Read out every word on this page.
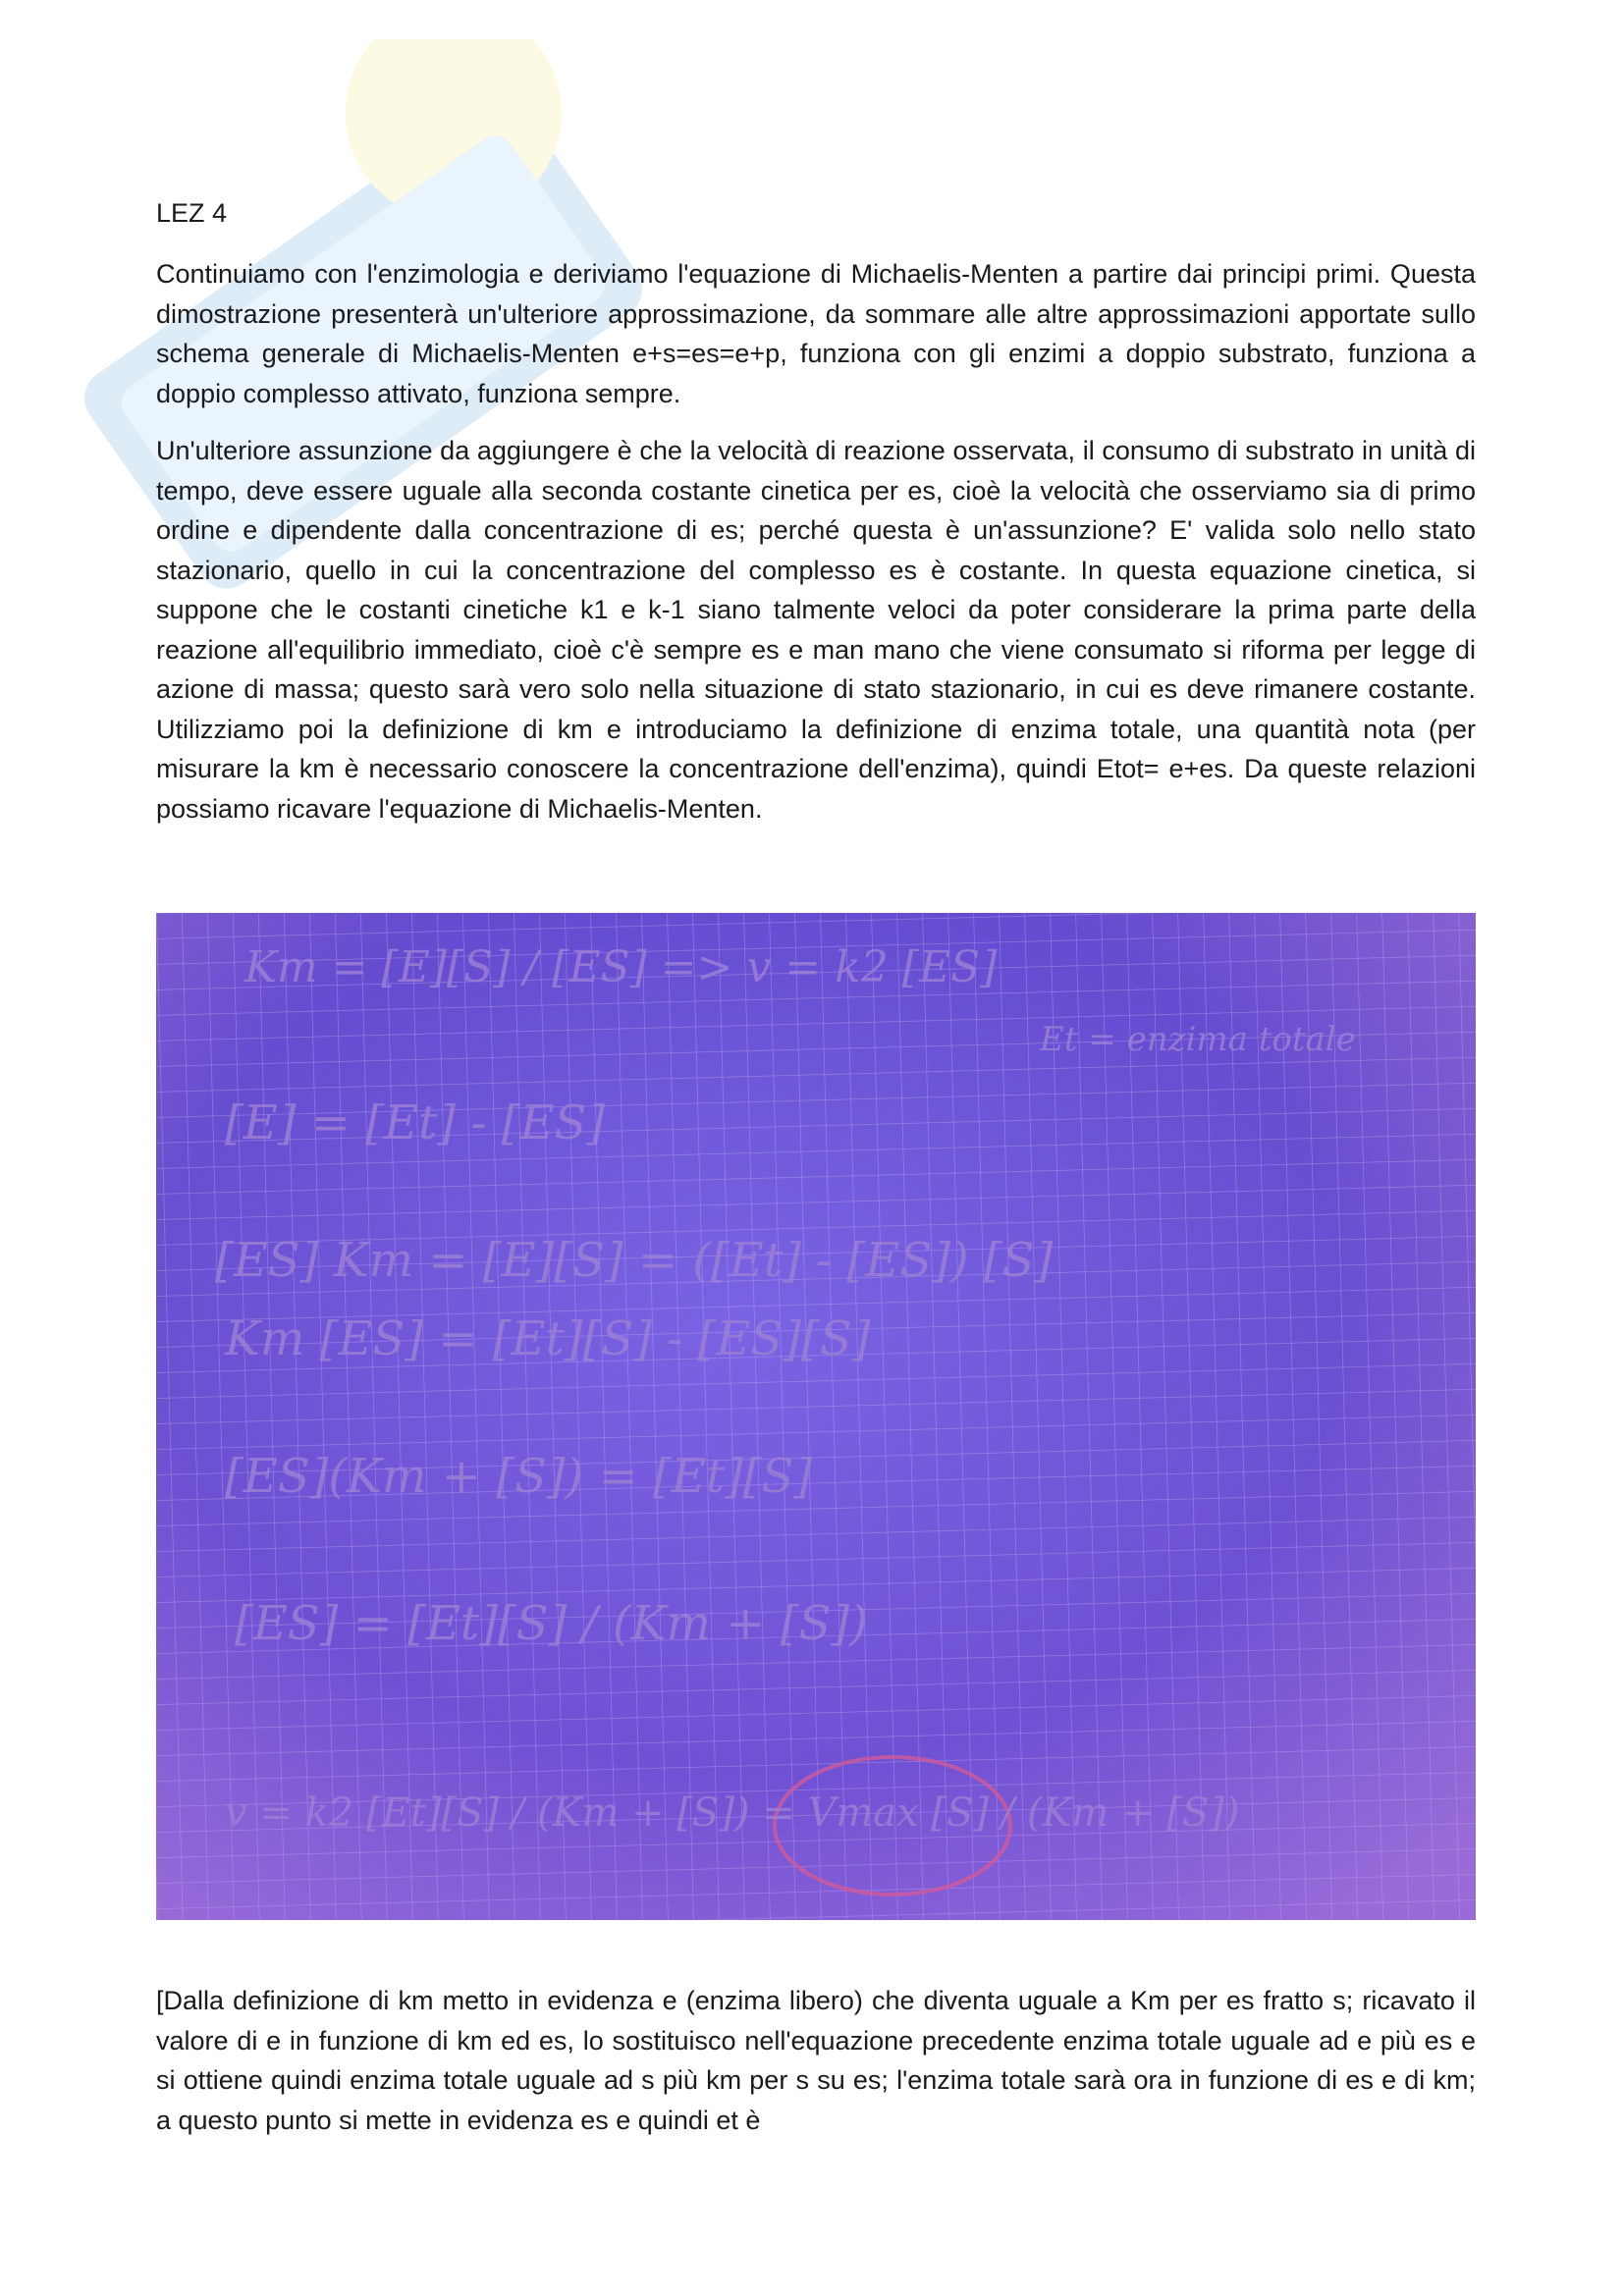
LEZ 4

Continuiamo con l'enzimologia e deriviamo l'equazione di Michaelis-Menten a partire dai principi primi. Questa dimostrazione presenterà un'ulteriore approssimazione, da sommare alle altre approssimazioni apportate sullo schema generale di Michaelis-Menten e+s=es=e+p, funziona con gli enzimi a doppio substrato, funziona a doppio complesso attivato, funziona sempre.

Un'ulteriore assunzione da aggiungere è che la velocità di reazione osservata, il consumo di substrato in unità di tempo, deve essere uguale alla seconda costante cinetica per es, cioè la velocità che osserviamo sia di primo ordine e dipendente dalla concentrazione di es; perché questa è un'assunzione? E' valida solo nello stato stazionario, quello in cui la concentrazione del complesso es è costante. In questa equazione cinetica, si suppone che le costanti cinetiche k1 e k-1 siano talmente veloci da poter considerare la prima parte della reazione all'equilibrio immediato, cioè c'è sempre es e man mano che viene consumato si riforma per legge di azione di massa; questo sarà vero solo nella situazione di stato stazionario, in cui es deve rimanere costante. Utilizziamo poi la definizione di km e introduciamo la definizione di enzima totale, una quantità nota (per misurare la km è necessario conoscere la concentrazione dell'enzima), quindi Etot= e+es. Da queste relazioni possiamo ricavare l'equazione di Michaelis-Menten.

Km = [E][S] / [ES] => v = k2 [ES]
Et = enzima totale
[E] = [Et] - [ES]
[ES] Km = [E][S] = ([Et] - [ES]) [S]
Km [ES] = [Et][S] - [ES][S]
[ES](Km + [S]) = [Et][S]
[ES] = [Et][S] / (Km + [S])
v = k2 [Et][S] / (Km + [S]) = Vmax [S] / (Km + [S])

[Dalla definizione di km metto in evidenza e (enzima libero) che diventa uguale a Km per es fratto s; ricavato il valore di e in funzione di km ed es, lo sostituisco nell'equazione precedente enzima totale uguale ad e più es e si ottiene quindi enzima totale uguale ad s più km per s su es; l'enzima totale sarà ora in funzione di es e di km; a questo punto si mette in evidenza es e quindi et è
